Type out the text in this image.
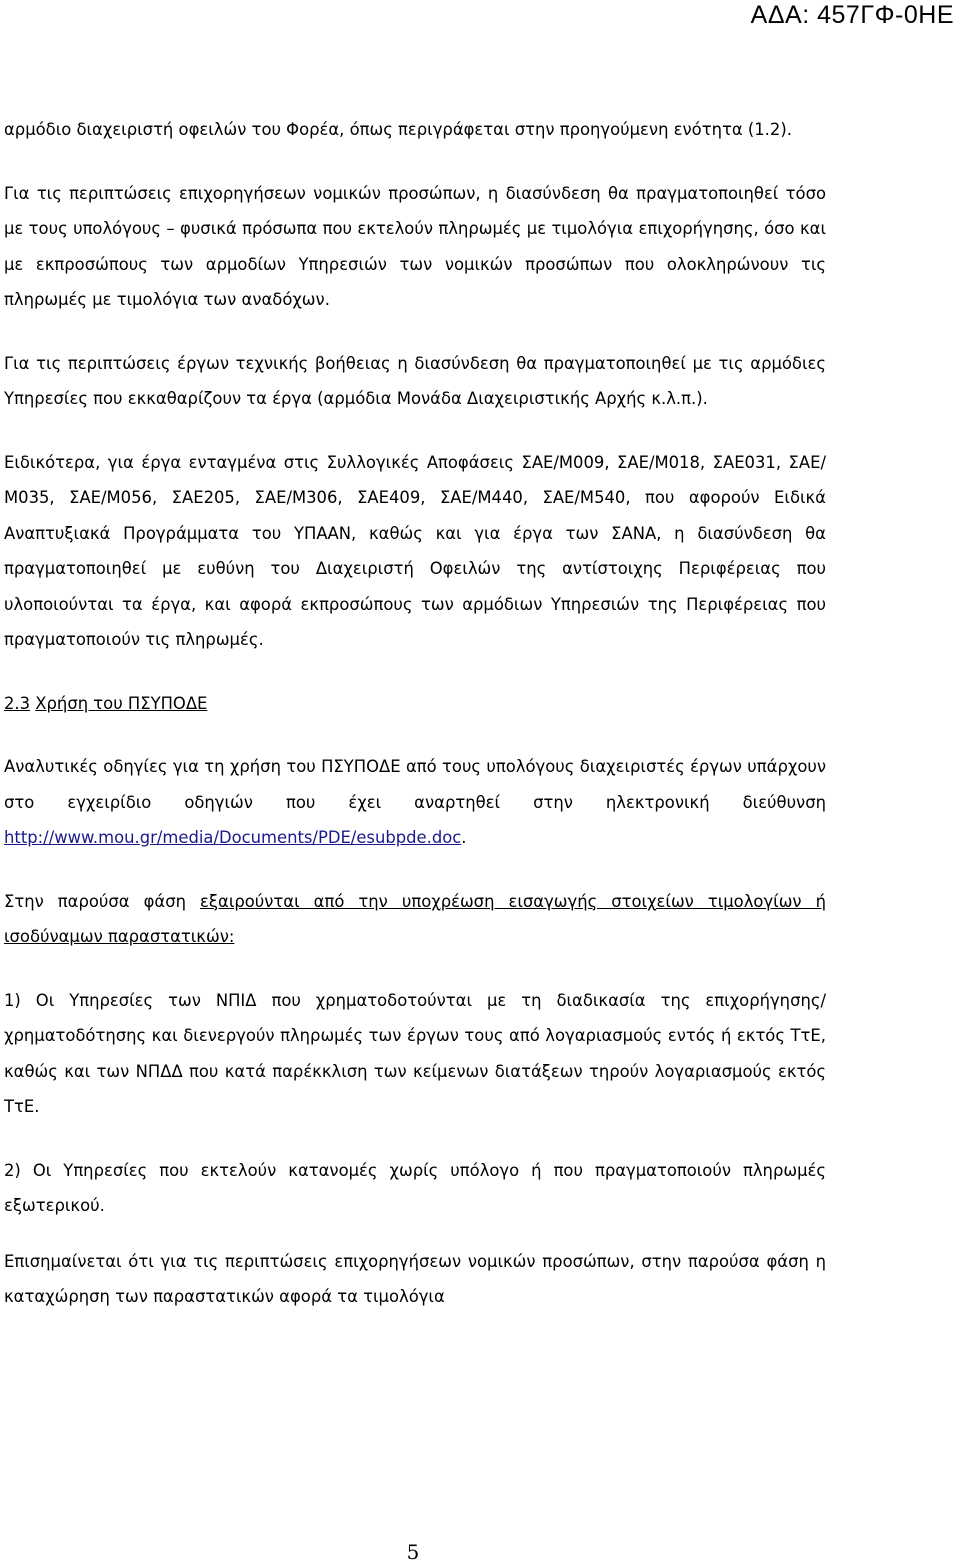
ΑΔΑ: 457ΓΦ-0ΗΕ

αρμόδιο διαχειριστή οφειλών του Φορέα, όπως περιγράφεται στην προηγούμενη ενότητα (1.2).

Για τις περιπτώσεις επιχορηγήσεων νομικών προσώπων, η διασύνδεση θα πραγματοποιηθεί τόσο με τους υπολόγους – φυσικά πρόσωπα που εκτελούν πληρωμές με τιμολόγια επιχορήγησης, όσο και με εκπροσώπους των αρμοδίων Υπηρεσιών των νομικών προσώπων που ολοκληρώνουν τις πληρωμές με τιμολόγια των αναδόχων.

Για τις περιπτώσεις έργων τεχνικής βοήθειας η διασύνδεση θα πραγματοποιηθεί με τις αρμόδιες Υπηρεσίες που εκκαθαρίζουν τα έργα (αρμόδια Μονάδα Διαχειριστικής Αρχής κ.λ.π.).

Ειδικότερα, για έργα ενταγμένα στις Συλλογικές Αποφάσεις ΣΑΕ/Μ009, ΣΑΕ/Μ018, ΣΑΕ031, ΣΑΕ/Μ035, ΣΑΕ/Μ056, ΣΑΕ205, ΣΑΕ/Μ306, ΣΑΕ409, ΣΑΕ/Μ440, ΣΑΕ/Μ540, που αφορούν Ειδικά Αναπτυξιακά Προγράμματα του ΥΠΑΑΝ, καθώς και για έργα των ΣΑΝΑ, η διασύνδεση θα πραγματοποιηθεί με ευθύνη του Διαχειριστή Οφειλών της αντίστοιχης Περιφέρειας που υλοποιούνται τα έργα, και αφορά εκπροσώπους των αρμόδιων Υπηρεσιών της Περιφέρειας που πραγματοποιούν τις πληρωμές.

2.3 Χρήση του ΠΣΥΠΟΔΕ

Αναλυτικές οδηγίες για τη χρήση του ΠΣΥΠΟΔΕ από τους υπολόγους διαχειριστές έργων υπάρχουν στο εγχειρίδιο οδηγιών που έχει αναρτηθεί στην ηλεκτρονική διεύθυνση http://www.mou.gr/media/Documents/PDE/esubpde.doc.

Στην παρούσα φάση εξαιρούνται από την υποχρέωση εισαγωγής στοιχείων τιμολογίων ή ισοδύναμων παραστατικών:

1) Οι Υπηρεσίες των ΝΠΙΔ που χρηματοδοτούνται με τη διαδικασία της επιχορήγησης/χρηματοδότησης και διενεργούν πληρωμές των έργων τους από λογαριασμούς εντός ή εκτός ΤτΕ, καθώς και των ΝΠΔΔ που κατά παρέκκλιση των κείμενων διατάξεων τηρούν λογαριασμούς εκτός ΤτΕ.

2) Οι Υπηρεσίες που εκτελούν κατανομές χωρίς υπόλογο ή που πραγματοποιούν πληρωμές εξωτερικού.

Επισημαίνεται ότι για τις περιπτώσεις επιχορηγήσεων νομικών προσώπων, στην παρούσα φάση η καταχώρηση των παραστατικών αφορά τα τιμολόγια

5
